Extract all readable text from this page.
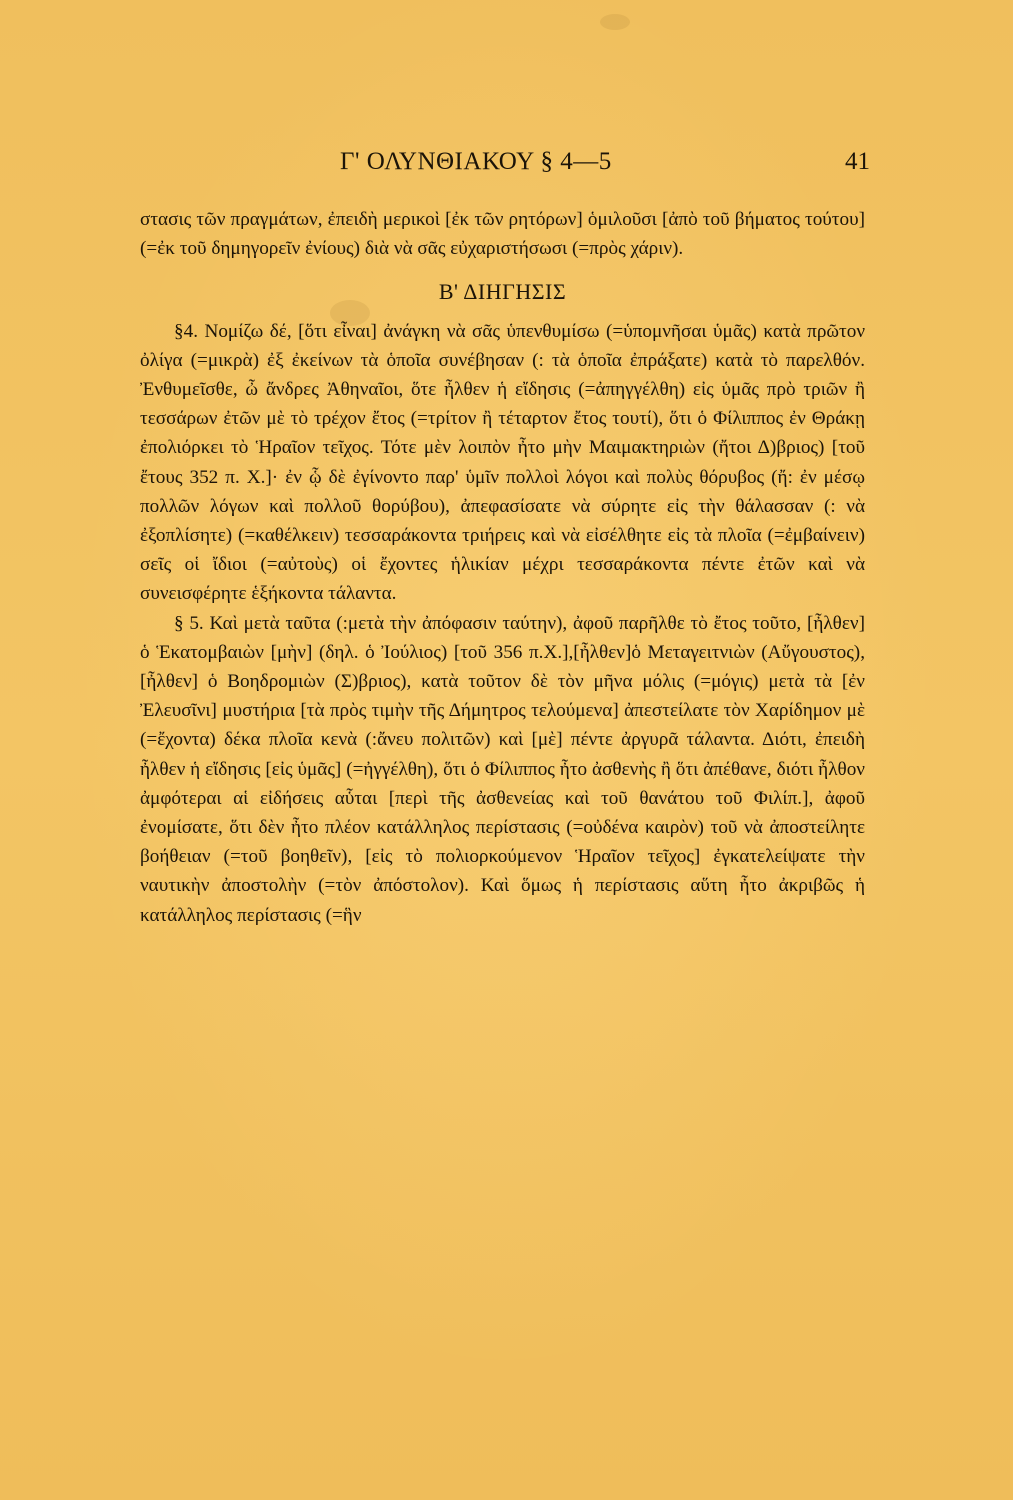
Γ' ΟΛΥΝΘΙΑΚΟΥ § 4—5	41

στασις τῶν πραγμάτων, ἐπειδὴ μερικοὶ [ἐκ τῶν ρητόρων] ὁμιλοῦσι [ἀπὸ τοῦ βήματος τούτου] (=ἐκ τοῦ δημηγορεῖν ἐνίους) διὰ νὰ σᾶς εὐχαριστήσωσι (=πρὸς χάριν).

Β' ΔΙΗΓΗΣΙΣ

§4. Νομίζω δέ, [ὅτι εἶναι] ἀνάγκη νὰ σᾶς ὑπενθυμίσω (=ὑπομνῆσαι ὑμᾶς) κατὰ πρῶτον ὀλίγα (=μικρὰ) ἐξ ἐκείνων τὰ ὁποῖα συνέβησαν (: τὰ ὁποῖα ἐπράξατε) κατὰ τὸ παρελθόν. Ἐνθυμεῖσθε, ὦ ἄνδρες Ἀθηναῖοι, ὅτε ἦλθεν ἡ εἴδησις (=ἀπηγγέλθη) εἰς ὑμᾶς πρὸ τριῶν ἢ τεσσάρων ἐτῶν μὲ τὸ τρέχον ἔτος (=τρίτον ἢ τέταρτον ἔτος τουτί), ὅτι ὁ Φίλιππος ἐν Θράκῃ ἐπολιόρκει τὸ Ἡραῖον τεῖχος. Τότε μὲν λοιπὸν ἦτο μὴν Μαιμακτηριὼν (ἤτοι Δ)βριος) [τοῦ ἔτους 352 π. Χ.]· ἐν ᾧ δὲ ἐγίνοντο παρ' ὑμῖν πολλοὶ λόγοι καὶ πολὺς θόρυβος (ἤ: ἐν μέσῳ πολλῶν λόγων καὶ πολλοῦ θορύβου), ἀπεφασίσατε νὰ σύρητε εἰς τὴν θάλασσαν (: νὰ ἐξοπλίσητε) (=καθέλκειν) τεσσαράκοντα τριήρεις καὶ νὰ εἰσέλθητε εἰς τὰ πλοῖα (=ἐμβαίνειν) σεῖς οἱ ἴδιοι (=αὐτοὺς) οἱ ἔχοντες ἡλικίαν μέχρι τεσσαράκοντα πέντε ἐτῶν καὶ νὰ συνεισφέρητε ἑξήκοντα τάλαντα.

§ 5. Καὶ μετὰ ταῦτα (:μετὰ τὴν ἀπόφασιν ταύτην), ἀφοῦ παρῆλθε τὸ ἔτος τοῦτο, [ἦλθεν] ὁ Ἑκατομβαιὼν [μὴν] (δηλ. ὁ Ἰούλιος) [τοῦ 356 π.Χ.],[ἦλθεν]ὁ Μεταγειτνιὼν (Αὔγουστος),[ἦλθεν] ὁ Βοηδρομιὼν (Σ)βριος), κατὰ τοῦτον δὲ τὸν μῆνα μόλις (=μόγις) μετὰ τὰ [ἐν Ἐλευσῖνι] μυστήρια [τὰ πρὸς τιμὴν τῆς Δήμητρος τελούμενα] ἀπεστείλατε τὸν Χαρίδημον μὲ (=ἔχοντα) δέκα πλοῖα κενὰ (:ἄνευ πολιτῶν) καὶ [μὲ] πέντε ἀργυρᾶ τάλαντα. Διότι, ἐπειδὴ ἦλθεν ἡ εἴδησις [εἰς ὑμᾶς] (=ἠγγέλθη), ὅτι ὁ Φίλιππος ἦτο ἀσθενὴς ἢ ὅτι ἀπέθανε, διότι ἦλθον ἀμφότεραι αἱ εἰδήσεις αὗται [περὶ τῆς ἀσθενείας καὶ τοῦ θανάτου τοῦ Φιλίπ.], ἀφοῦ ἐνομίσατε, ὅτι δὲν ἦτο πλέον κατάλληλος περίστασις (=οὐδένα καιρὸν) τοῦ νὰ ἀποστείλητε βοήθειαν (=τοῦ βοηθεῖν), [εἰς τὸ πολιορκούμενον Ἡραῖον τεῖχος] ἐγκατελείψατε τὴν ναυτικὴν ἀποστολὴν (=τὸν ἀπόστολον). Καὶ ὅμως ἡ περίστασις αὕτη ἦτο ἀκριβῶς ἡ κατάλληλος περίστασις (=ἣν
